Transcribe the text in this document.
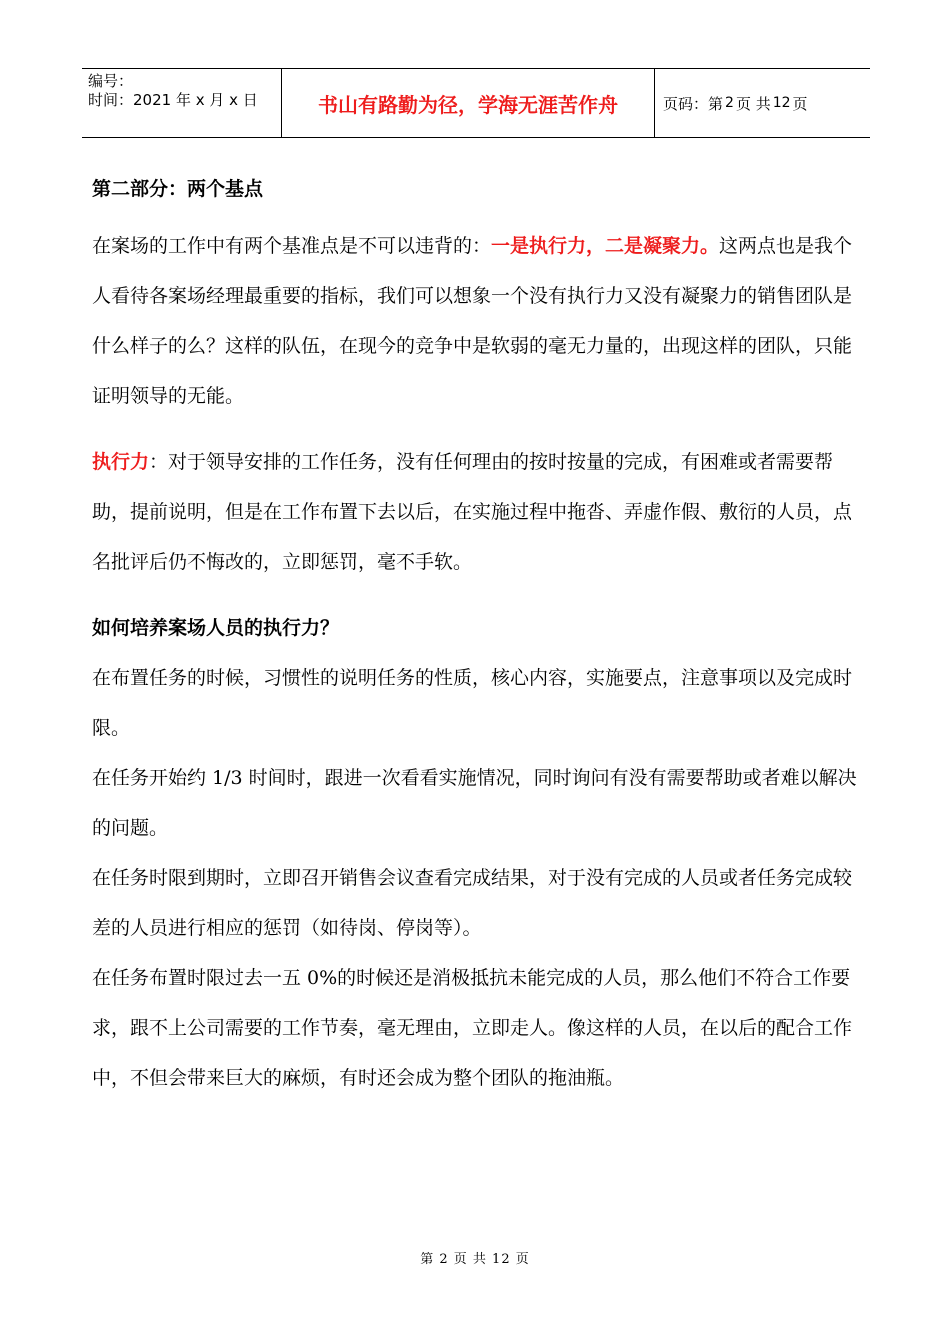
编号：
时间：2021 年 x 月 x 日	书山有路勤为径，学海无涯苦作舟	页码：第 2 页 共 12 页
第二部分：两个基点

在案场的工作中有两个基准点是不可以违背的：一是执行力，二是凝聚力。这两点也是我个人看待各案场经理最重要的指标，我们可以想象一个没有执行力又没有凝聚力的销售团队是什么样子的么？这样的队伍，在现今的竞争中是软弱的毫无力量的，出现这样的团队，只能证明领导的无能。

执行力：对于领导安排的工作任务，没有任何理由的按时按量的完成，有困难或者需要帮助，提前说明，但是在工作布置下去以后，在实施过程中拖沓、弄虚作假、敷衍的人员，点名批评后仍不悔改的，立即惩罚，毫不手软。

如何培养案场人员的执行力？

在布置任务的时候，习惯性的说明任务的性质，核心内容，实施要点，注意事项以及完成时限。

在任务开始约 1/3 时间时，跟进一次看看实施情况，同时询问有没有需要帮助或者难以解决的问题。

在任务时限到期时，立即召开销售会议查看完成结果，对于没有完成的人员或者任务完成较差的人员进行相应的惩罚（如待岗、停岗等）。

在任务布置时限过去一五 0%的时候还是消极抵抗未能完成的人员，那么他们不符合工作要求，跟不上公司需要的工作节奏，毫无理由，立即走人。像这样的人员，在以后的配合工作中，不但会带来巨大的麻烦，有时还会成为整个团队的拖油瓶。

第 2 页 共 12 页
